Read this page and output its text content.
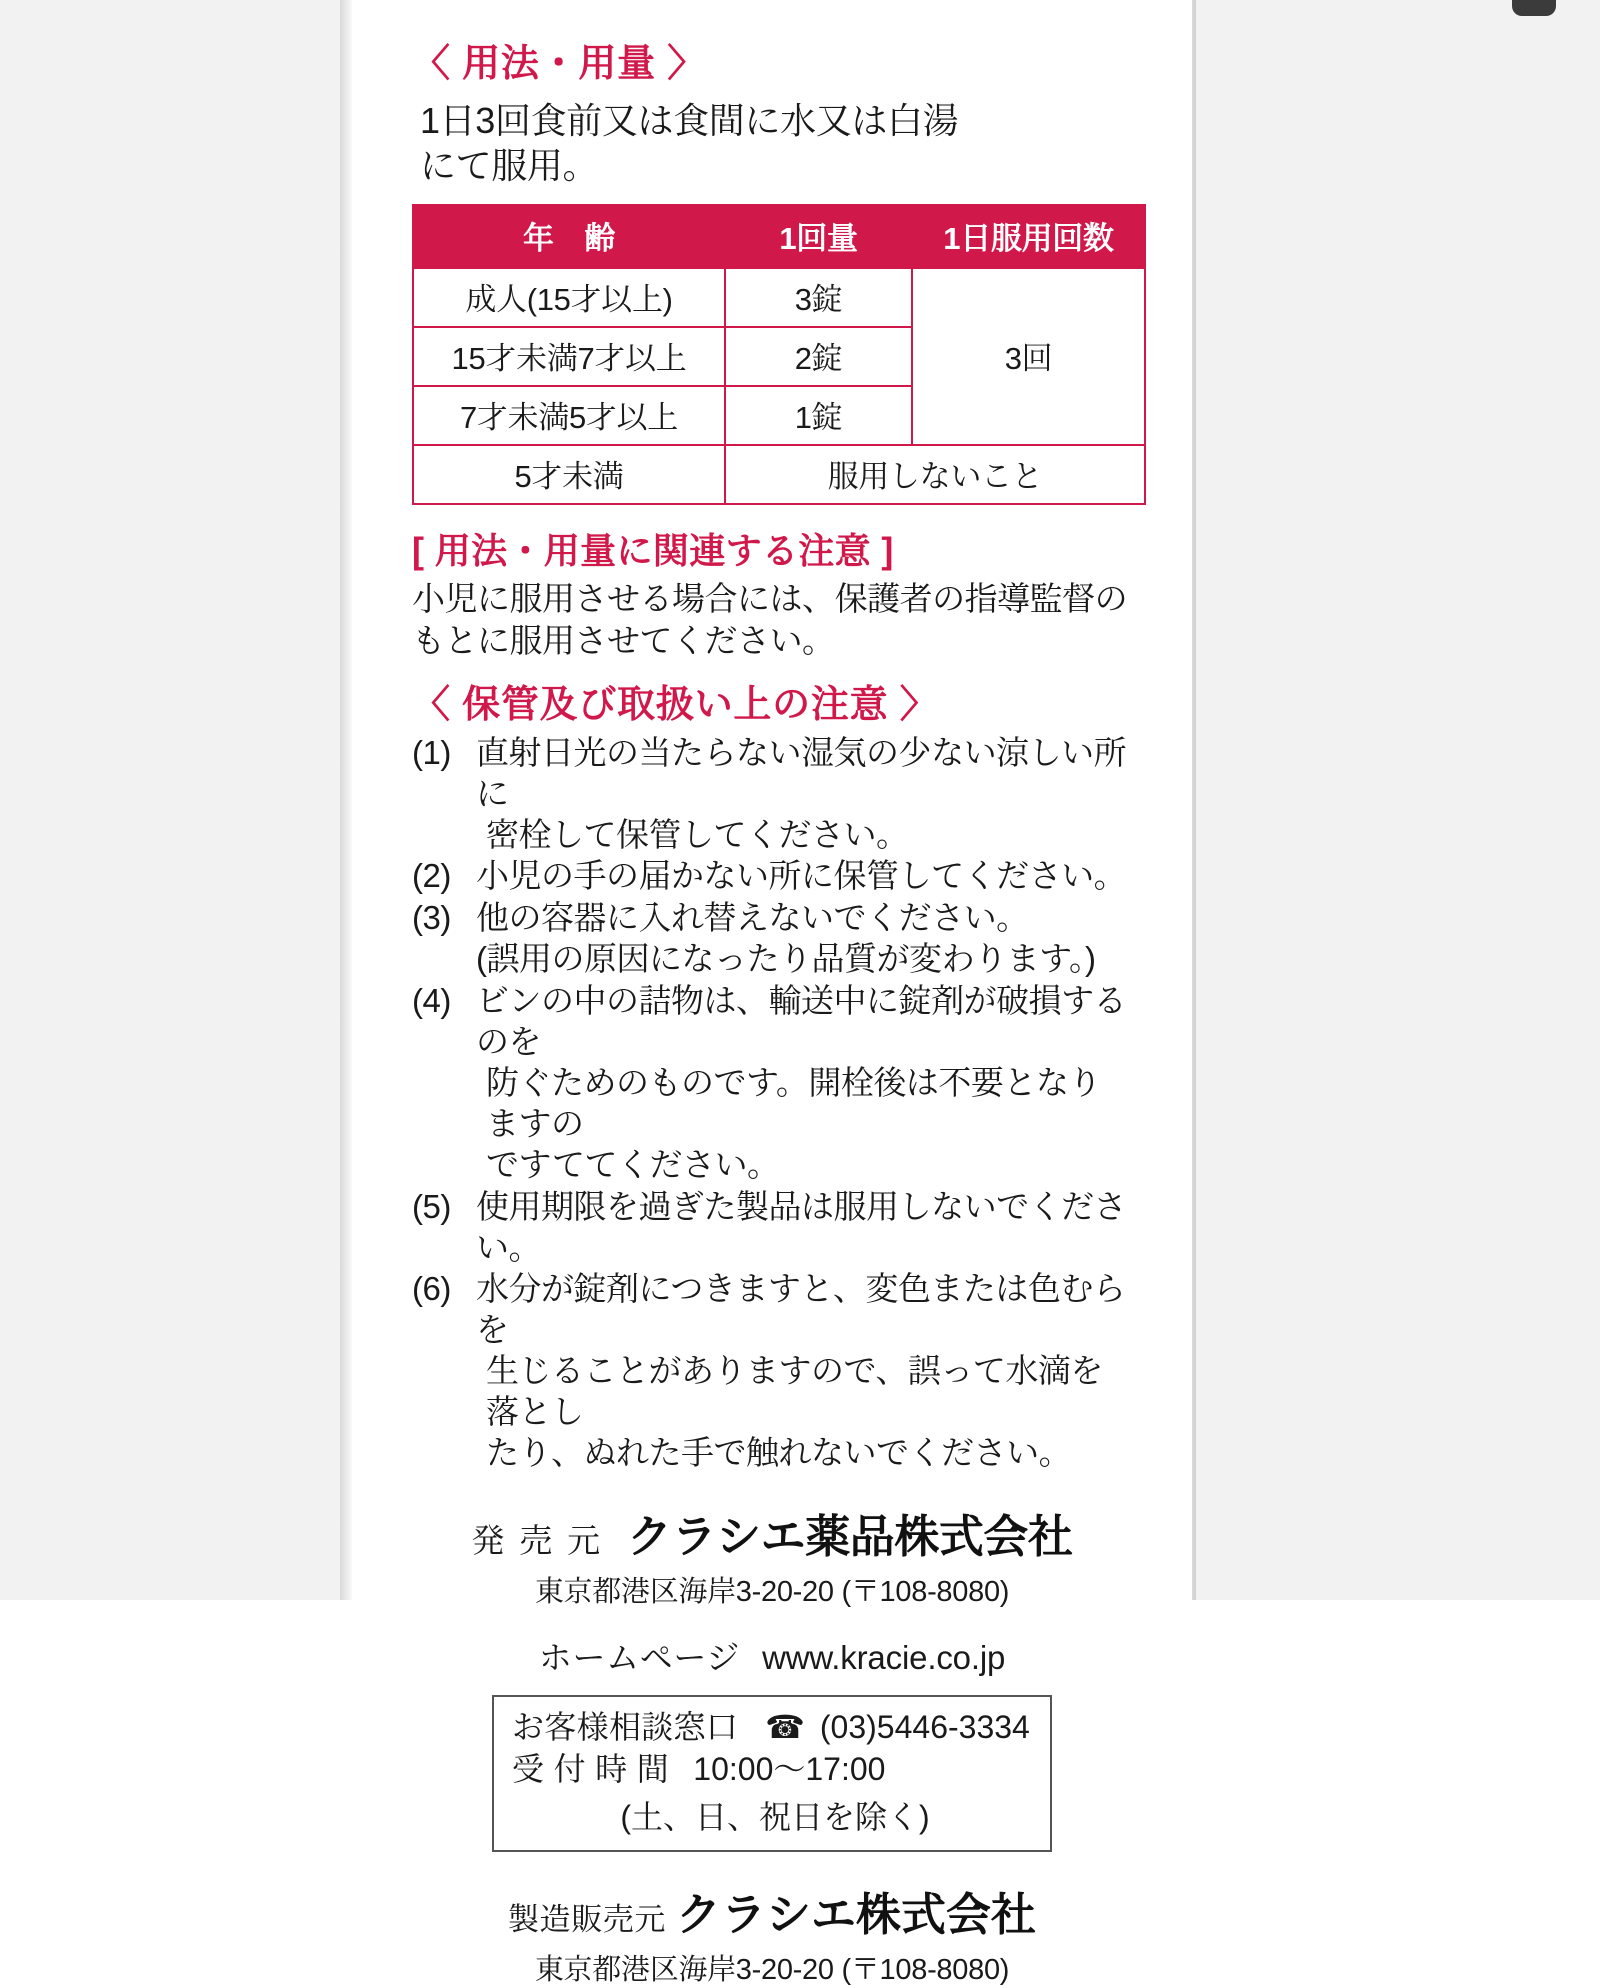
〈 用法・用量 〉
1日3回食前又は食間に水又は白湯
にて服用。
年　齢	1回量	1日服用回数
成人(15才以上)	3錠	3回
15才未満7才以上	2錠	
7才未満5才以上	1錠	
5才未満	服用しないこと	
[ 用法・用量に関連する注意 ]
小児に服用させる場合には、保護者の指導監督の
もとに服用させてください。
〈 保管及び取扱い上の注意 〉
(1) 直射日光の当たらない湿気の少ない涼しい所に
密栓して保管してください。
(2) 小児の手の届かない所に保管してください。
(3) 他の容器に入れ替えないでください。
(誤用の原因になったり品質が変わります。)
(4) ビンの中の詰物は、輸送中に錠剤が破損するのを
防ぐためのものです。開栓後は不要となりますの
ですててください。
(5) 使用期限を過ぎた製品は服用しないでください。
(6) 水分が錠剤につきますと、変色または色むらを
生じることがありますので、誤って水滴を落とし
たり、ぬれた手で触れないでください。
発売元 クラシエ薬品株式会社
東京都港区海岸3-20-20 (〒108-8080)
ホームページ www.kracie.co.jp
お客様相談窓口 ☎ (03)5446-3334
受付時間 10:00〜17:00
(土、日、祝日を除く)
製造販売元 クラシエ株式会社
東京都港区海岸3-20-20 (〒108-8080)
